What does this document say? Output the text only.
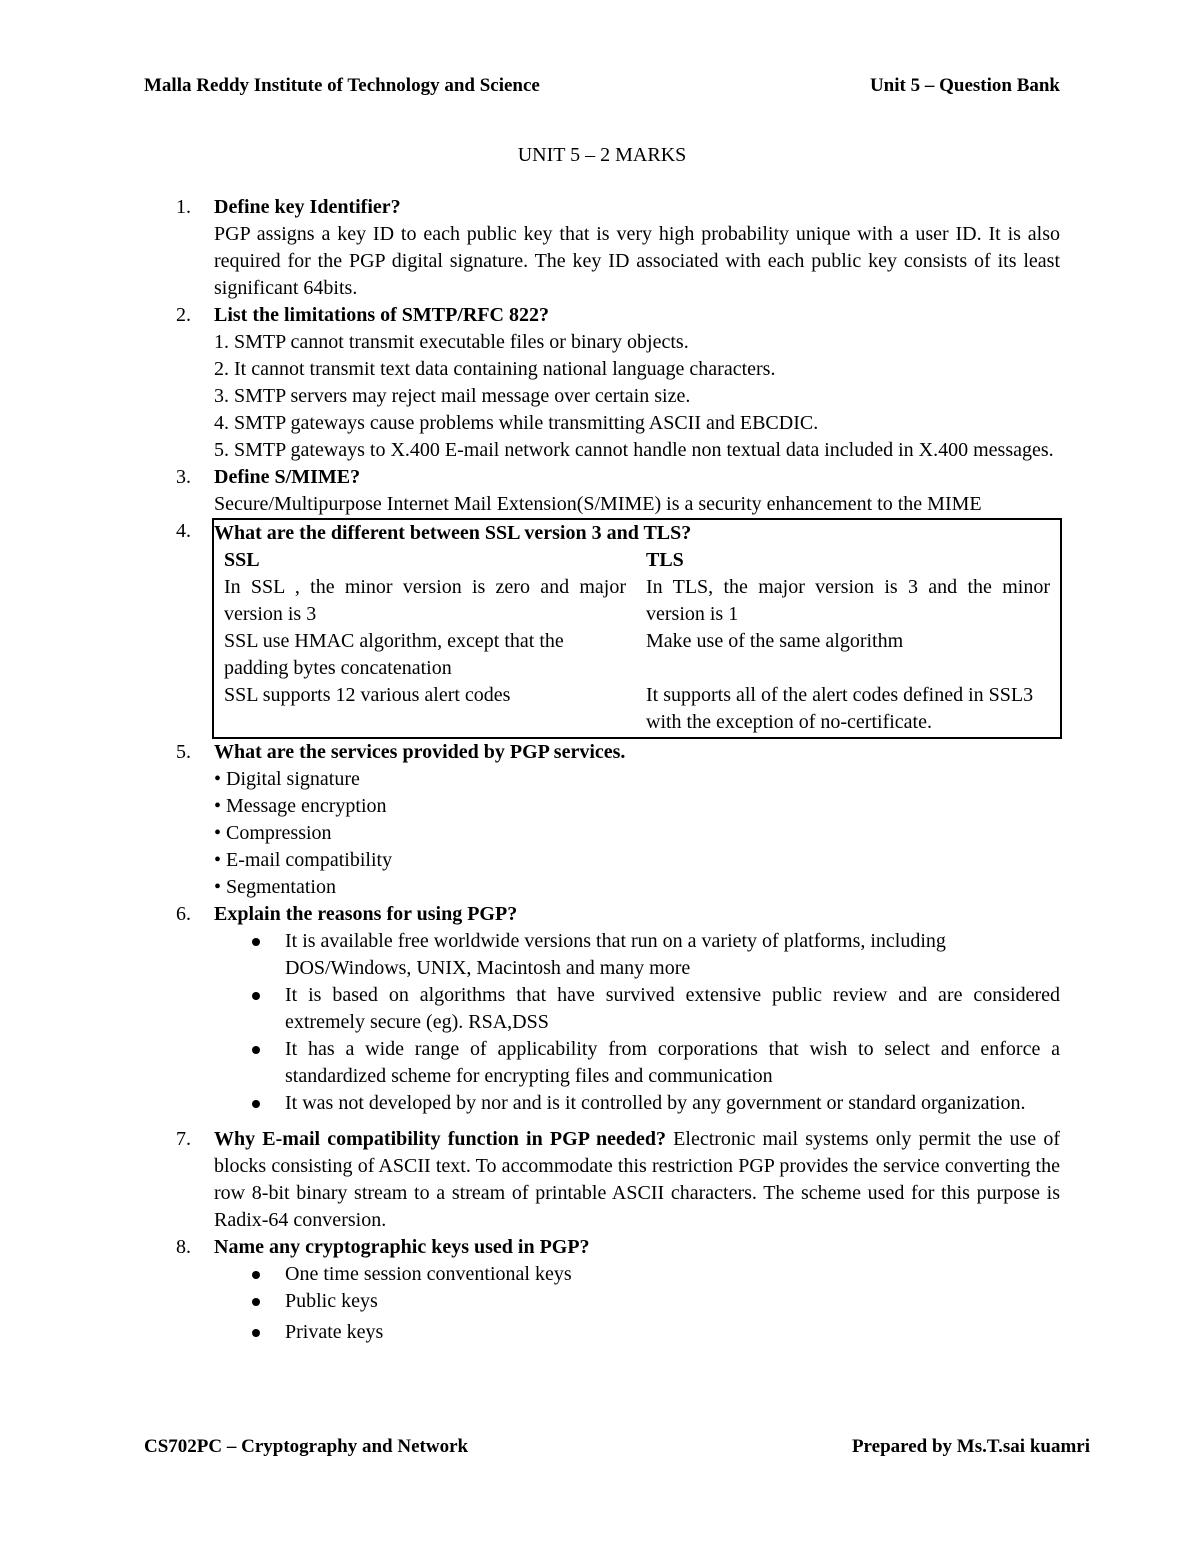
Malla Reddy Institute of Technology and Science	Unit 5 – Question Bank
UNIT 5 – 2 MARKS
1.	Define key Identifier?
PGP assigns a key ID to each public key that is very high probability unique with a user ID. It is also required for the PGP digital signature. The key ID associated with each public key consists of its least significant 64bits.
2.	List the limitations of SMTP/RFC 822?
1. SMTP cannot transmit executable files or binary objects.
2. It cannot transmit text data containing national language characters.
3. SMTP servers may reject mail message over certain size.
4. SMTP gateways cause problems while transmitting ASCII and EBCDIC.
5. SMTP gateways to X.400 E-mail network cannot handle non textual data included in X.400 messages.
3.	Define S/MIME?
Secure/Multipurpose Internet Mail Extension(S/MIME) is a security enhancement to the MIME
4.	What are the different between SSL version 3 and TLS?
SSL	TLS
In SSL , the minor version is zero and major version is 3	In TLS, the major version is 3 and the minor version is 1
SSL use HMAC algorithm, except that the padding bytes concatenation	Make use of the same algorithm
SSL supports 12 various alert codes	It supports all of the alert codes defined in SSL3 with the exception of no-certificate.
5.	What are the services provided by PGP services.
• Digital signature
• Message encryption
• Compression
• E-mail compatibility
• Segmentation
6.	Explain the reasons for using PGP?
It is available free worldwide versions that run on a variety of platforms, including DOS/Windows, UNIX, Macintosh and many more
It is based on algorithms that have survived extensive public review and are considered extremely secure (eg). RSA,DSS
It has a wide range of applicability from corporations that wish to select and enforce a standardized scheme for encrypting files and communication
It was not developed by nor and is it controlled by any government or standard organization.
7.	Why E-mail compatibility function in PGP needed? Electronic mail systems only permit the use of blocks consisting of ASCII text. To accommodate this restriction PGP provides the service converting the row 8-bit binary stream to a stream of printable ASCII characters. The scheme used for this purpose is Radix-64 conversion.
8.	Name any cryptographic keys used in PGP?
One time session conventional keys
Public keys
Private keys
CS702PC – Cryptography and Network	Prepared by Ms.T.sai kuamri
